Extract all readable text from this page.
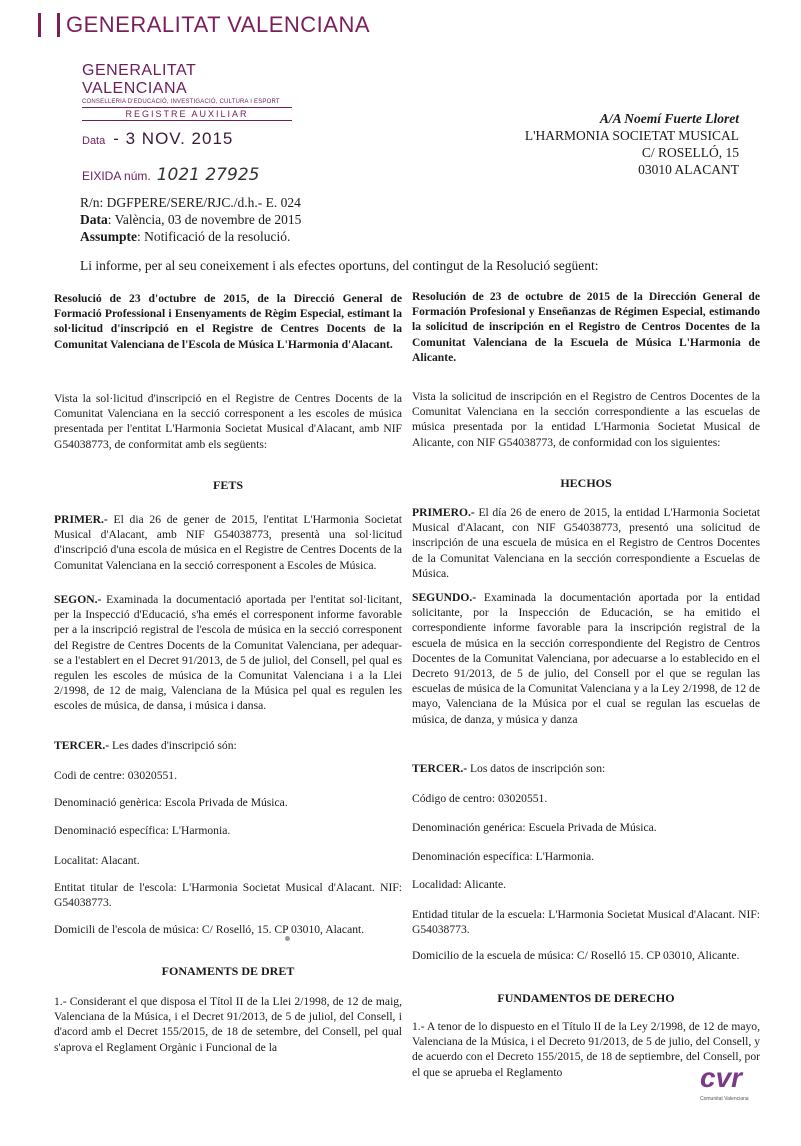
GENERALITAT VALENCIANA
GENERALITAT VALENCIANA
CONSELLERIA D'EDUCACIÓ, INVESTIGACIÓ, CULTURA I ESPORT
REGISTRE AUXILIAR
Data - 3 NOV. 2015
EIXIDA núm. 1021 27925
A/A Noemí Fuerte Lloret
L'HARMONIA SOCIETAT MUSICAL
C/ ROSELLÓ, 15
03010 ALACANT
R/n: DGFPERE/SERE/RJC./d.h.- E. 024
Data: València, 03 de novembre de 2015
Assumpte: Notificació de la resolució.
Li informe, per al seu coneixement i als efectes oportuns, del contingut de la Resolució següent:

Resolució de 23 d'octubre de 2015, de la Direcció General de Formació Professional i Ensenyaments de Règim Especial, estimant la sol·licitud d'inscripció en el Registre de Centres Docents de la Comunitat Valenciana de l'Escola de Música L'Harmonia d'Alacant.

Vista la sol·licitud d'inscripció en el Registre de Centres Docents de la Comunitat Valenciana en la secció corresponent a les escoles de música presentada per l'entitat L'Harmonia Societat Musical d'Alacant, amb NIF G54038773, de conformitat amb els següents:

FETS

PRIMER.- El dia 26 de gener de 2015, l'entitat L'Harmonia Societat Musical d'Alacant, amb NIF G54038773, presentà una sol·licitud d'inscripció d'una escola de música en el Registre de Centres Docents de la Comunitat Valenciana en la secció corresponent a Escoles de Música.

SEGON.- Examinada la documentació aportada per l'entitat sol·licitant, per la Inspecció d'Educació, s'ha emés el corresponent informe favorable per a la inscripció registral de l'escola de música en la secció corresponent del Registre de Centres Docents de la Comunitat Valenciana, per adequar-se a l'establert en el Decret 91/2013, de 5 de juliol, del Consell, pel qual es regulen les escoles de música de la Comunitat Valenciana i a la Llei 2/1998, de 12 de maig, Valenciana de la Música pel qual es regulen les escoles de música, de dansa, i música i dansa.

TERCER.- Les dades d'inscripció són:

Codi de centre: 03020551.
Denominació genèrica: Escola Privada de Música.
Denominació específica: L'Harmonia.
Localitat: Alacant.
Entitat titular de l'escola: L'Harmonia Societat Musical d'Alacant. NIF: G54038773.
Domicili de l'escola de música: C/ Roselló, 15. CP 03010, Alacant.
FONAMENTS DE DRET
1.- Considerant el que disposa el Títol II de la Llei 2/1998, de 12 de maig, Valenciana de la Música, i el Decret 91/2013, de 5 de juliol, del Consell, i d'acord amb el Decret 155/2015, de 18 de setembre, del Consell, pel qual s'aprova el Reglament Orgànic i Funcional de la

Resolución de 23 de octubre de 2015 de la Dirección General de Formación Profesional y Enseñanzas de Régimen Especial, estimando la solicitud de inscripción en el Registro de Centros Docentes de la Comunitat Valenciana de la Escuela de Música L'Harmonia de Alicante.

Vista la solicitud de inscripción en el Registro de Centros Docentes de la Comunitat Valenciana en la sección correspondiente a las escuelas de música presentada por la entidad L'Harmonia Societat Musical de Alicante, con NIF G54038773, de conformidad con los siguientes:

HECHOS

PRIMERO.- El día 26 de enero de 2015, la entidad L'Harmonia Societat Musical d'Alacant, con NIF G54038773, presentó una solicitud de inscripción de una escuela de música en el Registro de Centros Docentes de la Comunitat Valenciana en la sección correspondiente a Escuelas de Música.

SEGUNDO.- Examinada la documentación aportada por la entidad solicitante, por la Inspección de Educación, se ha emitido el correspondiente informe favorable para la inscripción registral de la escuela de música en la sección correspondiente del Registro de Centros Docentes de la Comunitat Valenciana, por adecuarse a lo establecido en el Decreto 91/2013, de 5 de julio, del Consell por el que se regulan las escuelas de música de la Comunitat Valenciana y a la Ley 2/1998, de 12 de mayo, Valenciana de la Música por el cual se regulan las escuelas de música, de danza, y música y danza

TERCER.- Los datos de inscripción son:

Código de centro: 03020551.
Denominación genérica: Escuela Privada de Música.
Denominación específica: L'Harmonia.
Localidad: Alicante.
Entidad titular de la escuela: L'Harmonia Societat Musical d'Alacant. NIF: G54038773.
Domicilio de la escuela de música: C/ Roselló 15. CP 03010, Alicante.
FUNDAMENTOS DE DERECHO
1.- A tenor de lo dispuesto en el Título II de la Ley 2/1998, de 12 de mayo, Valenciana de la Música, i el Decreto 91/2013, de 5 de julio, del Consell, y de acuerdo con el Decreto 155/2015, de 18 de septiembre, del Consell, por el que se aprueba el Reglamento	cvr
Comunitat Valenciana
